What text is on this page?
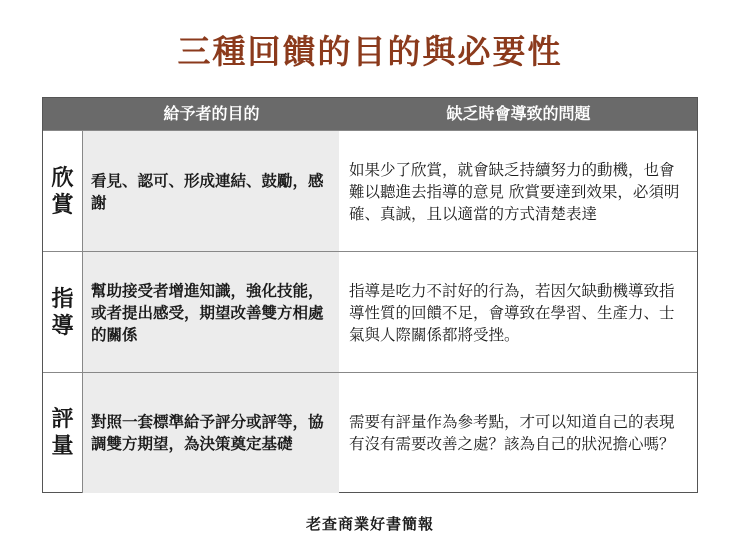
三種回饋的目的與必要性
給予者的目的	缺乏時會導致的問題
欣賞

看見、認可、形成連結、鼓勵，感謝

如果少了欣賞，就會缺乏持續努力的動機，也會難以聽進去指導的意見 欣賞要達到效果，必須明確、真誠，且以適當的方式清楚表達

指導

幫助接受者增進知識，強化技能，或者提出感受，期望改善雙方相處的關係

指導是吃力不討好的行為，若因欠缺動機導致指導性質的回饋不足，會導致在學習、生產力、士氣與人際關係都將受挫。

評量

對照一套標準給予評分或評等，協調雙方期望，為決策奠定基礎

需要有評量作為參考點，才可以知道自己的表現有沒有需要改善之處？該為自己的狀況擔心嗎？

老查商業好書簡報
